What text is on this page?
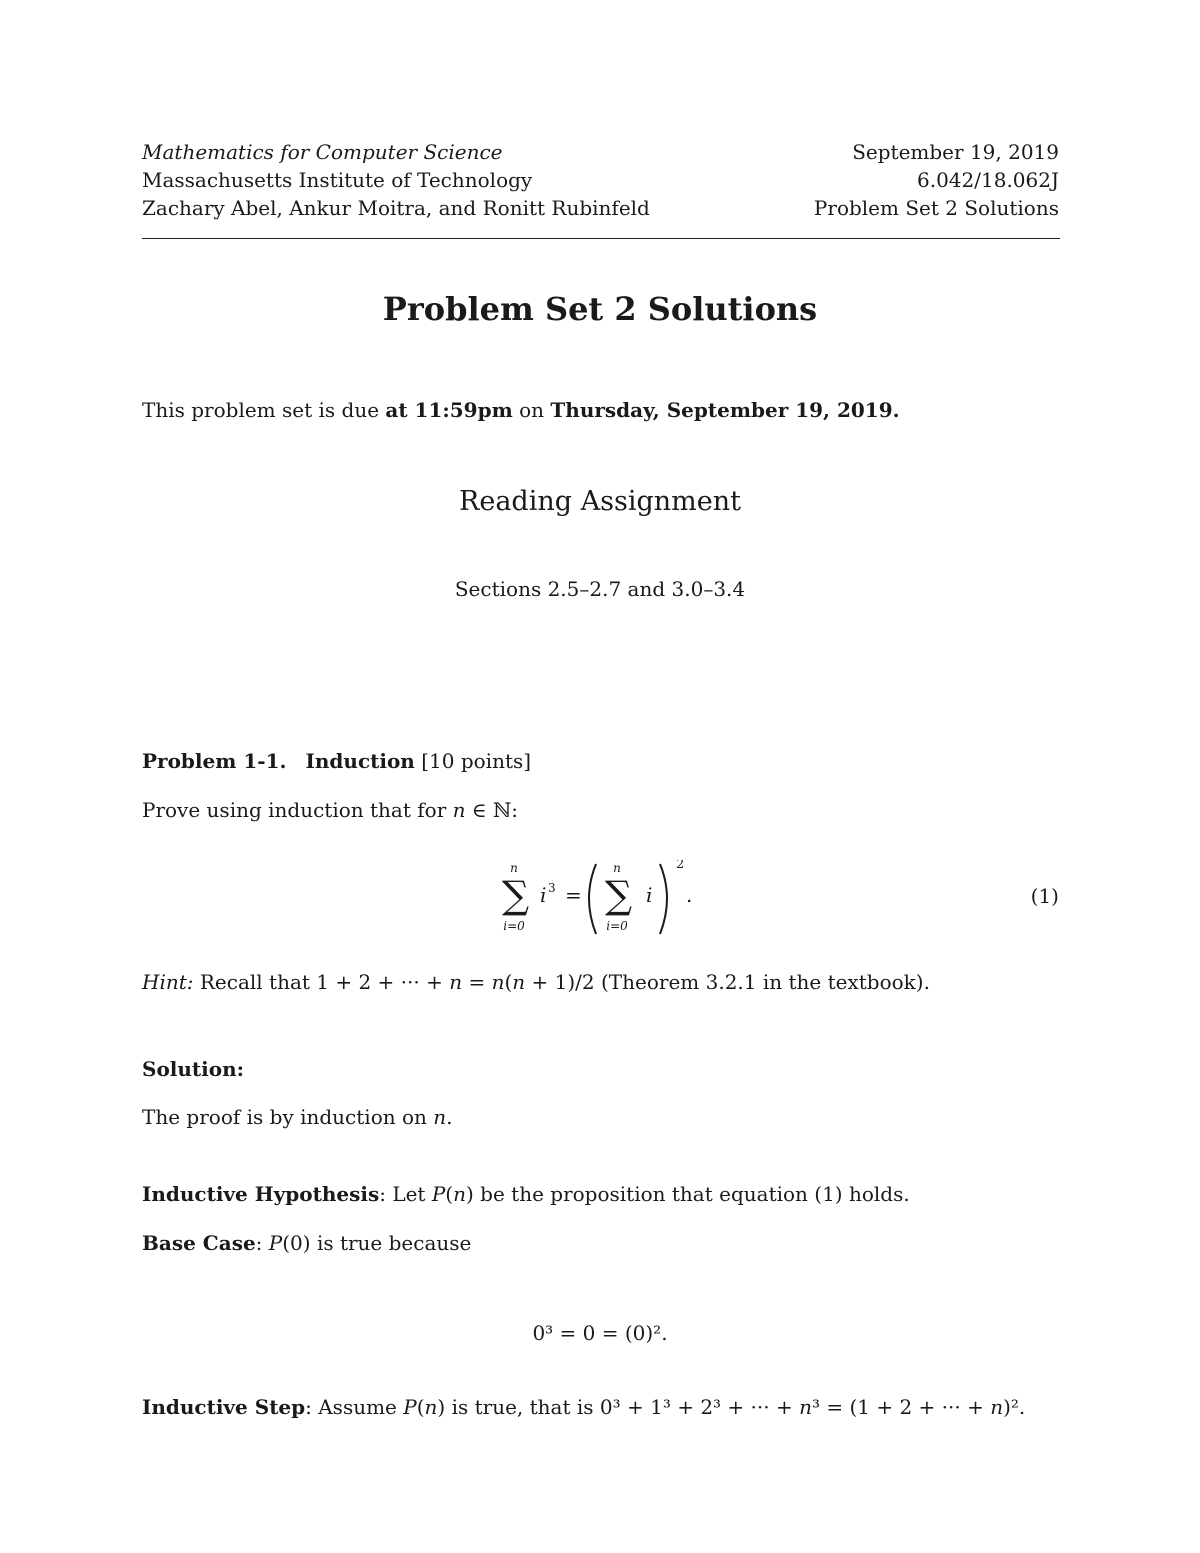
Mathematics for Computer Science
Massachusetts Institute of Technology
Zachary Abel, Ankur Moitra, and Ronitt Rubinfeld
September 19, 2019
6.042/18.062J
Problem Set 2 Solutions
Problem Set 2 Solutions
This problem set is due at 11:59pm on Thursday, September 19, 2019.
Reading Assignment
Sections 2.5–2.7 and 3.0–3.4
Problem 1-1. Induction [10 points]
Prove using induction that for n ∈ ℕ:
n
∑
i=0
i 3 =
n
∑
i=0
i
2
.	(1)
Hint: Recall that 1 + 2 + ··· + n = n(n + 1)/2 (Theorem 3.2.1 in the textbook).
Solution:
The proof is by induction on n.
Inductive Hypothesis: Let P(n) be the proposition that equation (1) holds.
Base Case: P(0) is true because
0³ = 0 = (0)².
Inductive Step: Assume P(n) is true, that is 0³ + 1³ + 2³ + ··· + n³ = (1 + 2 + ··· + n)².
